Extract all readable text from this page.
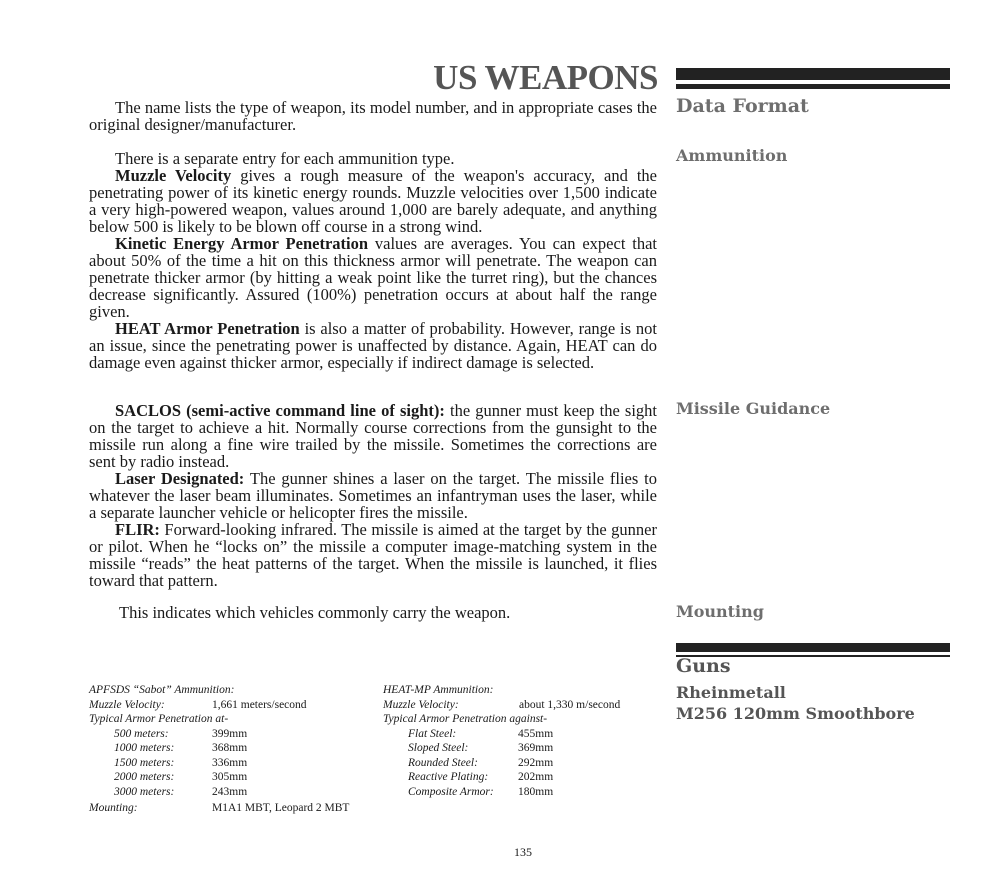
US WEAPONS
Data Format
Ammunition
Missile Guidance
Mounting
Guns
Rheinmetall
M256 120mm Smoothbore

The name lists the type of weapon, its model number, and in appropriate cases the original designer/manufacturer.

There is a separate entry for each ammunition type.

Muzzle Velocity gives a rough measure of the weapon's accuracy, and the penetrating power of its kinetic energy rounds. Muzzle velocities over 1,500 indicate a very high-powered weapon, values around 1,000 are barely adequate, and anything below 500 is likely to be blown off course in a strong wind.

Kinetic Energy Armor Penetration values are averages. You can expect that about 50% of the time a hit on this thickness armor will penetrate. The weapon can penetrate thicker armor (by hitting a weak point like the turret ring), but the chances decrease significantly. Assured (100%) penetration occurs at about half the range given.

HEAT Armor Penetration is also a matter of probability. However, range is not an issue, since the penetrating power is unaffected by distance. Again, HEAT can do damage even against thicker armor, especially if indirect damage is selected.

SACLOS (semi-active command line of sight): the gunner must keep the sight on the target to achieve a hit. Normally course corrections from the gunsight to the missile run along a fine wire trailed by the missile. Sometimes the corrections are sent by radio instead.

Laser Designated: The gunner shines a laser on the target. The missile flies to whatever the laser beam illuminates. Sometimes an infantryman uses the laser, while a separate launcher vehicle or helicopter fires the missile.

FLIR: Forward-looking infrared. The missile is aimed at the target by the gunner or pilot. When he “locks on” the missile a computer image-matching system in the missile “reads” the heat patterns of the target. When the missile is launched, it flies toward that pattern.

This indicates which vehicles commonly carry the weapon.

APFSDS “Sabot” Ammunition:
Muzzle Velocity:	1,661 meters/second
Typical Armor Penetration at-
500 meters:	399mm
1000 meters:	368mm
1500 meters:	336mm
2000 meters:	305mm
3000 meters:	243mm
HEAT-MP Ammunition:
Muzzle Velocity:	about 1,330 m/second
Typical Armor Penetration against-
Flat Steel:	455mm
Sloped Steel:	369mm
Rounded Steel:	292mm
Reactive Plating:	202mm
Composite Armor:	180mm
Mounting:	M1A1 MBT, Leopard 2 MBT
135
